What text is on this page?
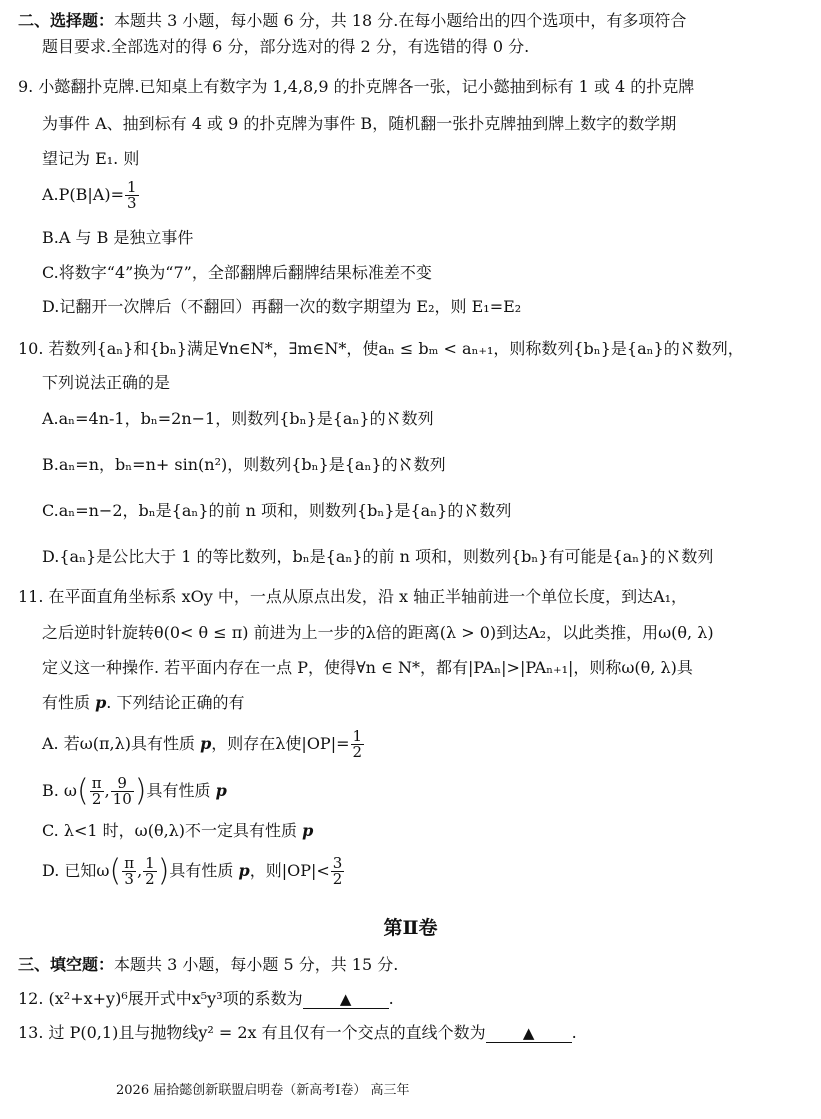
二、选择题：本题共 3 小题，每小题 6 分，共 18 分.在每小题给出的四个选项中，有多项符合
题目要求.全部选对的得 6 分，部分选对的得 2 分，有选错的得 0 分.
9. 小懿翻扑克牌.已知桌上有数字为 1,4,8,9 的扑克牌各一张，记小懿抽到标有 1 或 4 的扑克牌
为事件 A、抽到标有 4 或 9 的扑克牌为事件 B，随机翻一张扑克牌抽到牌上数字的数学期
望记为 E₁. 则
$A.P(B|A)= \frac{1}{3}$
B.A 与 B 是独立事件
C.将数字“4”换为“7”，全部翻牌后翻牌结果标准差不变
D.记翻开一次牌后（不翻回）再翻一次的数字期望为 E₂，则 E₁=E₂
10. 若数列{aₙ}和{bₙ}满足∀n∈N*，∃m∈N*，使aₙ ≤ bₘ < aₙ₊₁，则称数列{bₙ}是{aₙ}的ℵ数列，
下列说法正确的是
A.aₙ=4n-1，bₙ=2n−1，则数列{bₙ}是{aₙ}的ℵ数列
B.aₙ=n，bₙ=n+ sin(n²)，则数列{bₙ}是{aₙ}的ℵ数列
C.aₙ=n−2，bₙ是{aₙ}的前 n 项和，则数列{bₙ}是{aₙ}的ℵ数列
D.{aₙ}是公比大于 1 的等比数列，bₙ是{aₙ}的前 n 项和，则数列{bₙ}有可能是{aₙ}的ℵ数列
11. 在平面直角坐标系 xOy 中，一点从原点出发，沿 x 轴正半轴前进一个单位长度，到达A₁，
之后逆时针旋转θ(0< θ ≤ π) 前进为上一步的λ倍的距离(λ > 0)到达A₂，以此类推，用ω(θ, λ)
定义这一种操作. 若平面内存在一点 P，使得∀n ∈ N*，都有|PAₙ|>|PAₙ₊₁|，则称ω(θ, λ)具
有性质 p. 下列结论正确的有
A. 若ω(π,λ)具有性质 p，则存在λ使$|OP|= \frac{1}{2}$
B. $\omega( \frac{\pi}{2}$ , $\frac{9}{10}$ )具有性质 p
C. λ<1 时，ω(θ,λ)不一定具有性质 p
D. 已知$\omega( \frac{\pi}{3}$ , $\frac{1}{2}$ )具有性质 p，则$|OP|< \frac{3}{2}$
第Ⅱ卷
三、填空题：本题共 3 小题，每小题 5 分，共 15 分.
12. (x²+x+y)⁶展开式中x⁵y³项的系数为 ▲ .
13. 过 P(0,1)且与抛物线y² = 2x 有且仅有一个交点的直线个数为 ▲ .
2026 届拾懿创新联盟启明卷（新高考Ⅰ卷） 高三年
